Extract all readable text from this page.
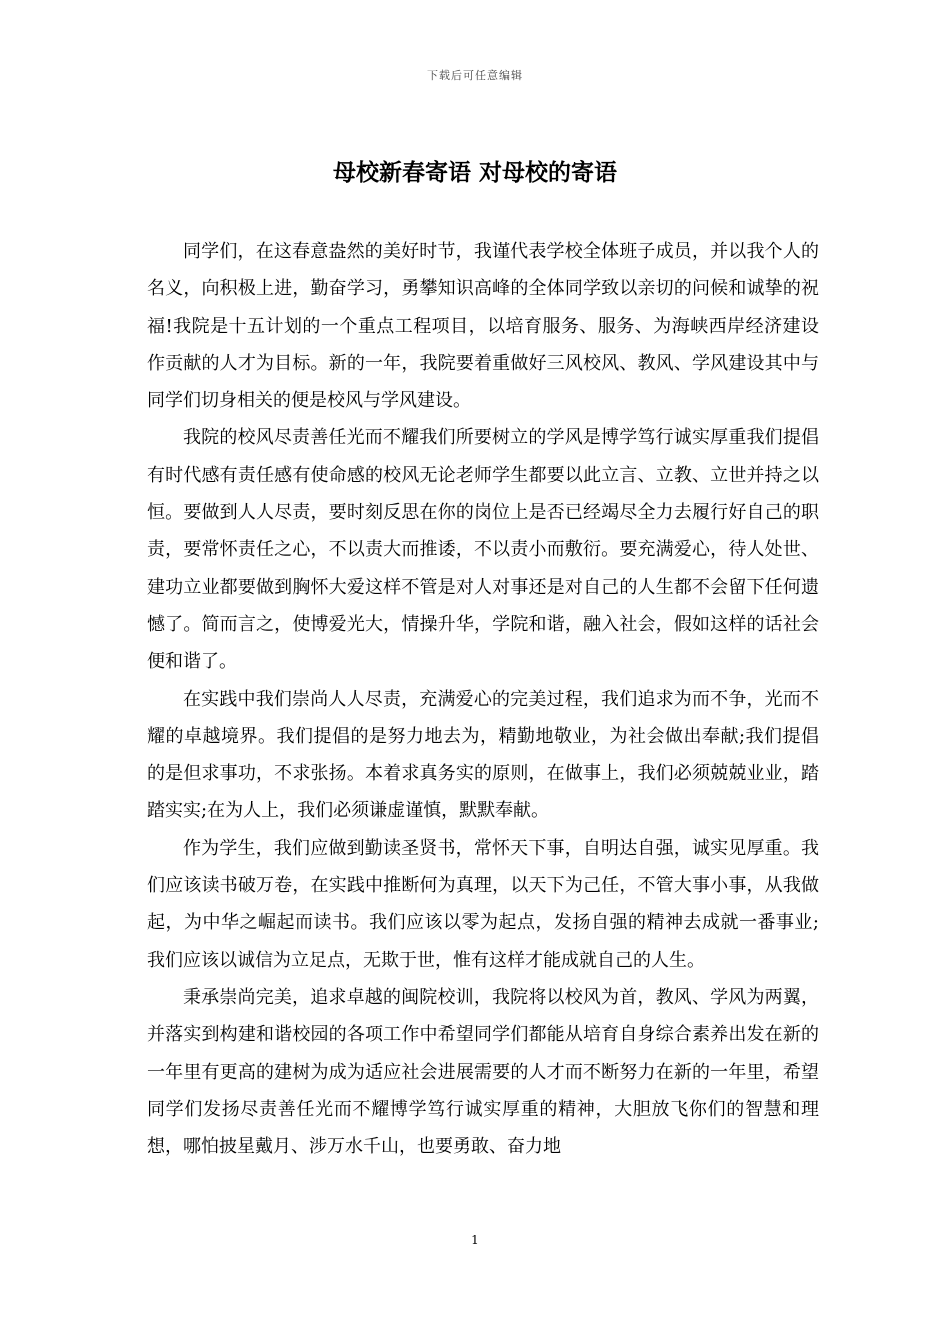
下载后可任意编辑
母校新春寄语 对母校的寄语

同学们，在这春意盎然的美好时节，我谨代表学校全体班子成员，并以我个人的名义，向积极上进，勤奋学习，勇攀知识高峰的全体同学致以亲切的问候和诚挚的祝福!我院是十五计划的一个重点工程项目，以培育服务、服务、为海峡西岸经济建设作贡献的人才为目标。新的一年，我院要着重做好三风校风、教风、学风建设其中与同学们切身相关的便是校风与学风建设。

我院的校风尽责善任光而不耀我们所要树立的学风是博学笃行诚实厚重我们提倡有时代感有责任感有使命感的校风无论老师学生都要以此立言、立教、立世并持之以恒。要做到人人尽责，要时刻反思在你的岗位上是否已经竭尽全力去履行好自己的职责，要常怀责任之心，不以责大而推诿，不以责小而敷衍。要充满爱心，待人处世、建功立业都要做到胸怀大爱这样不管是对人对事还是对自己的人生都不会留下任何遗憾了。简而言之，使博爱光大，情操升华，学院和谐，融入社会，假如这样的话社会便和谐了。

在实践中我们崇尚人人尽责，充满爱心的完美过程，我们追求为而不争，光而不耀的卓越境界。我们提倡的是努力地去为，精勤地敬业，为社会做出奉献;我们提倡的是但求事功，不求张扬。本着求真务实的原则，在做事上，我们必须兢兢业业，踏踏实实;在为人上，我们必须谦虚谨慎，默默奉献。

作为学生，我们应做到勤读圣贤书，常怀天下事，自明达自强，诚实见厚重。我们应该读书破万卷，在实践中推断何为真理，以天下为己任，不管大事小事，从我做起，为中华之崛起而读书。我们应该以零为起点，发扬自强的精神去成就一番事业;我们应该以诚信为立足点，无欺于世，惟有这样才能成就自己的人生。

秉承崇尚完美，追求卓越的闽院校训，我院将以校风为首，教风、学风为两翼，并落实到构建和谐校园的各项工作中希望同学们都能从培育自身综合素养出发在新的一年里有更高的建树为成为适应社会进展需要的人才而不断努力在新的一年里，希望同学们发扬尽责善任光而不耀博学笃行诚实厚重的精神，大胆放飞你们的智慧和理想，哪怕披星戴月、涉万水千山，也要勇敢、奋力地

1
